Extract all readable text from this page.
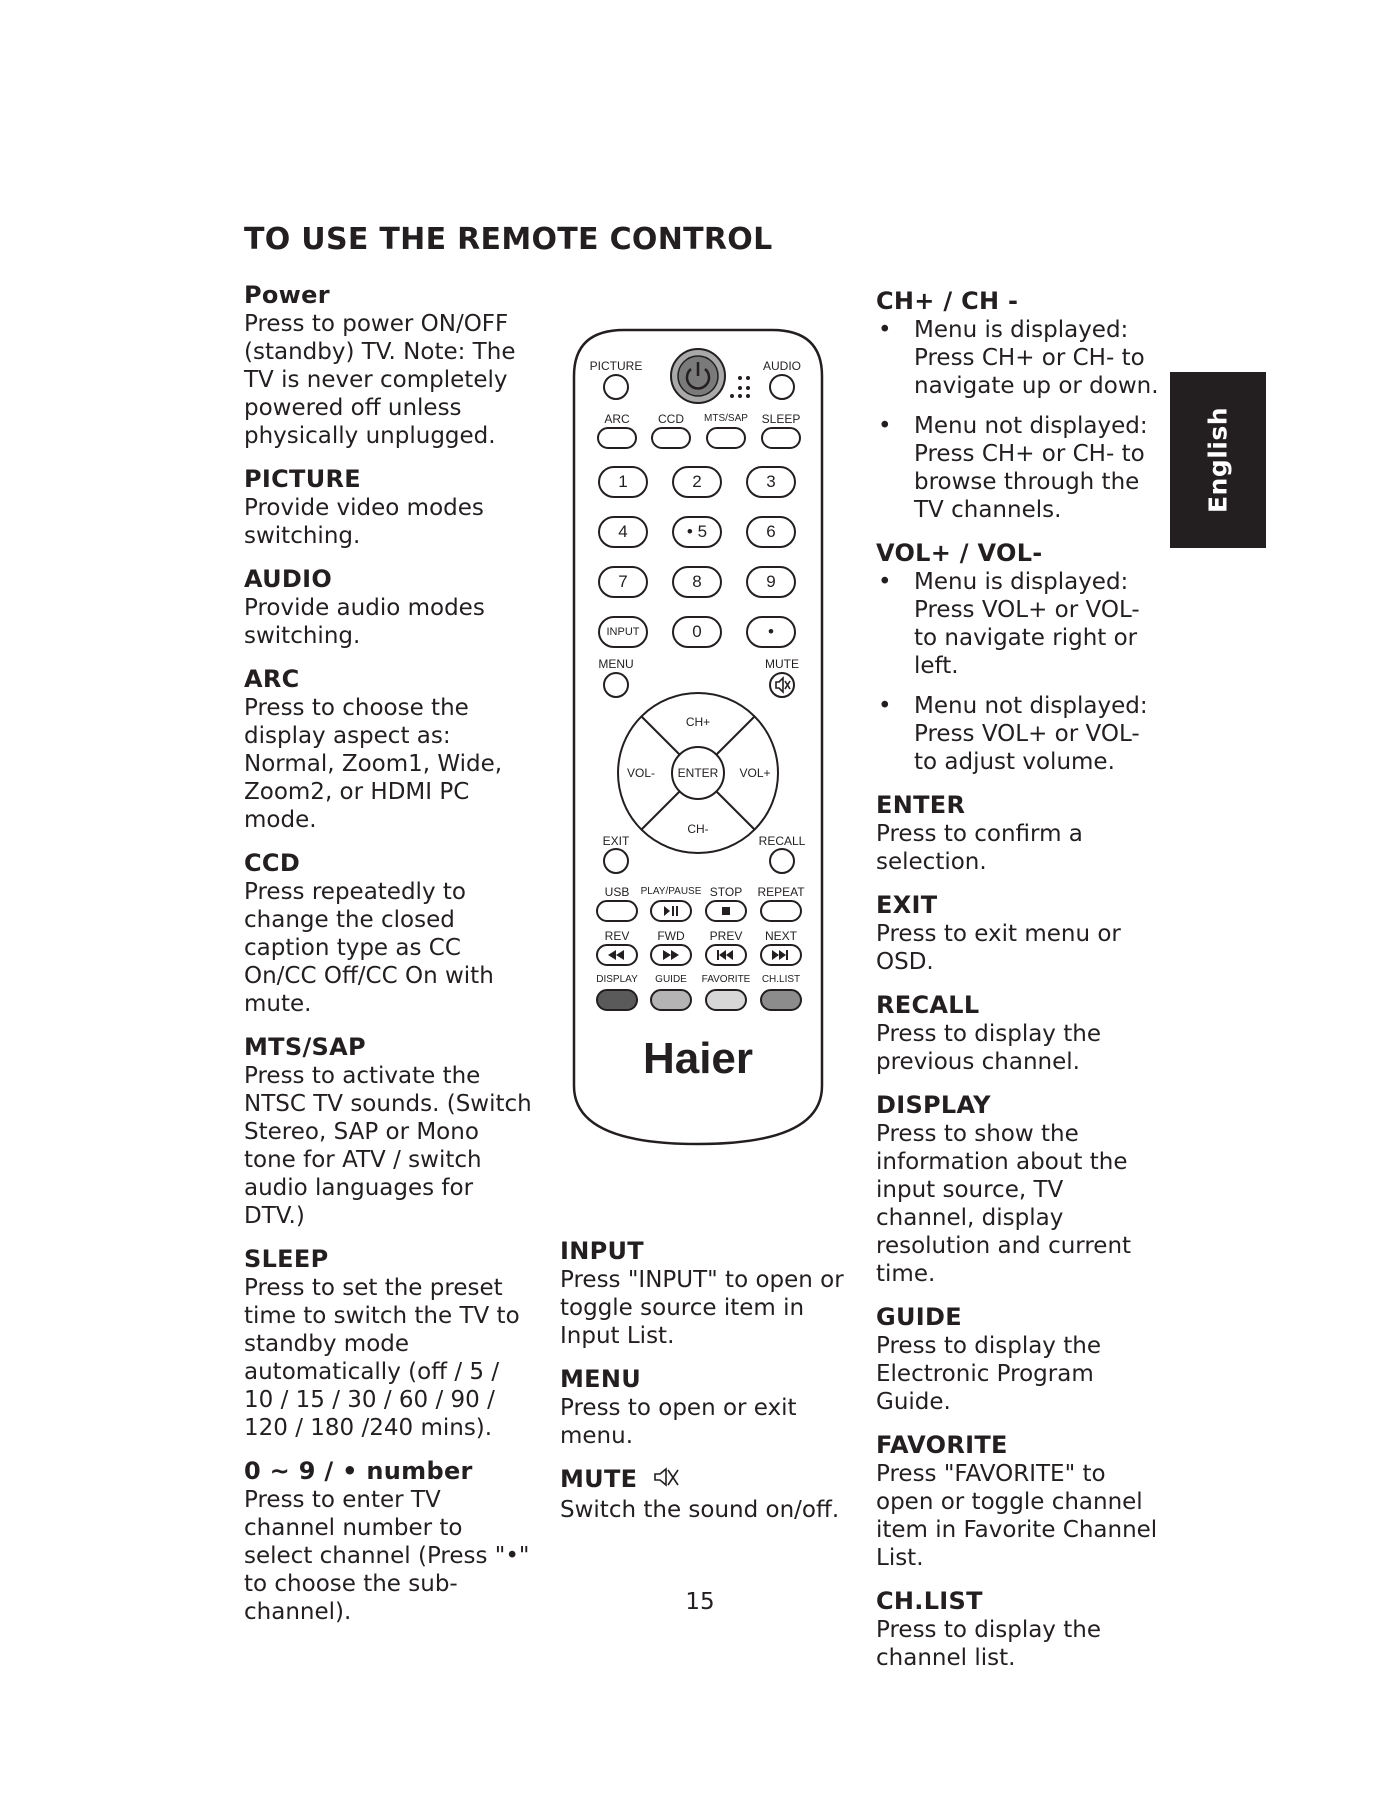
TO USE THE REMOTE CONTROL
Power

Press to power ON/OFF (standby) TV. Note: The TV is never completely powered off unless physically unplugged.

PICTURE

Provide video modes switching.

AUDIO

Provide audio modes switching.

ARC

Press to choose the display aspect as: Normal, Zoom1, Wide, Zoom2, or HDMI PC mode.

CCD

Press repeatedly to change the closed caption type as CC On/CC Off/CC On with mute.

MTS/SAP

Press to activate the NTSC TV sounds. (Switch Stereo, SAP or Mono tone for ATV / switch audio languages for DTV.)

SLEEP

Press to set the preset time to switch the TV to standby mode automatically (off / 5 / 10 / 15 / 30 / 60 / 90 / 120 / 180 /240 mins).

0 ~ 9 / • number

Press to enter TV channel number to select channel (Press "•" to choose the sub-channel).

PICTURE	AUDIO
ARC CCD MTS/SAP SLEEP
1	2	3
4	• 5	6
7	8	9
INPUT	0	•
MENU	MUTE
CH+
CH-
VOL-	VOL+
ENTER
EXIT	RECALL
USB PLAY/PAUSE STOP REPEAT
REV FWD PREV NEXT
DISPLAY GUIDE FAVORITE CH.LIST
Haier
INPUT

Press "INPUT" to open or toggle source item in Input List.

MENU

Press to open or exit menu.

MUTE

Switch the sound on/off.

CH+ / CH -
• Menu is displayed: Press CH+ or CH- to navigate up or down.
• Menu not displayed: Press CH+ or CH- to browse through the TV channels.
VOL+ / VOL-
• Menu is displayed: Press VOL+ or VOL- to navigate right or left.
• Menu not displayed: Press VOL+ or VOL- to adjust volume.
ENTER

Press to confirm a selection.

EXIT

Press to exit menu or OSD.

RECALL

Press to display the previous channel.

DISPLAY

Press to show the information about the input source, TV channel, display resolution and current time.

GUIDE

Press to display the Electronic Program Guide.

FAVORITE

Press "FAVORITE" to open or toggle channel item in Favorite Channel List.

CH.LIST

Press to display the channel list.

English
15
